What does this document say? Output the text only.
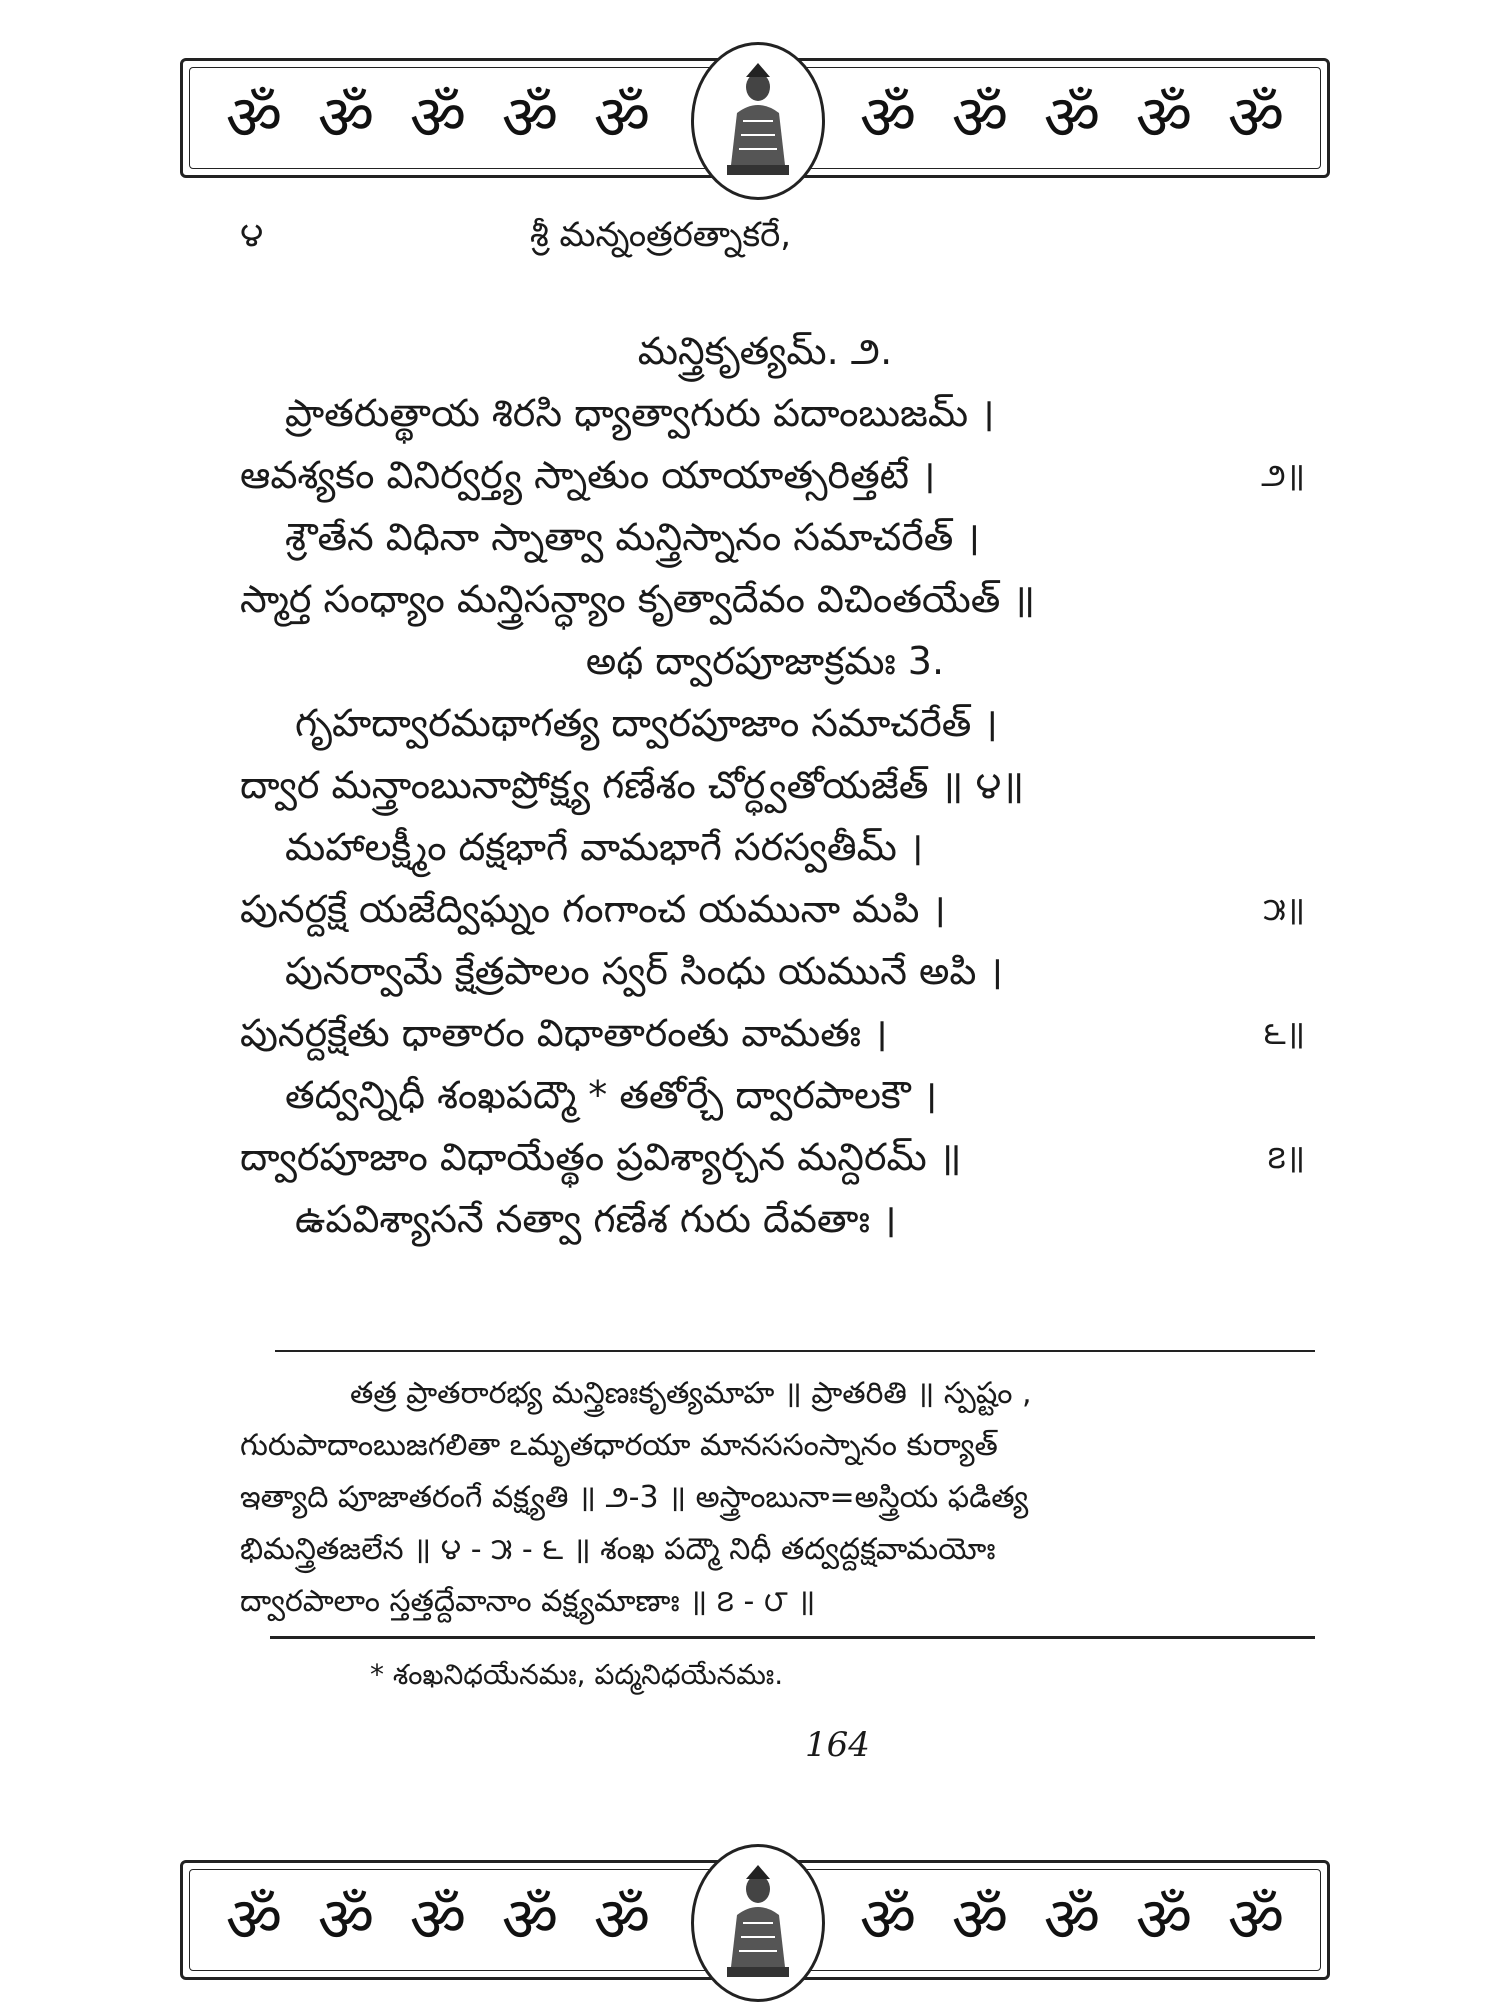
ॐ ॐ ॐ ॐ ॐ	ॐ ॐ ॐ ॐ ॐ
౪	శ్రీ మన్నంత్రరత్నాకరే,
మన్త్రికృత్యమ్. ౨.
ప్రాతరుత్థాయ శిరసి ధ్యాత్వాగురు పదాంబుజమ్ ।
ఆవశ్యకం వినిర్వర్త్య స్నాతుం యాయాత్సరిత్తటే ।	౨॥
శ్రౌతేన విధినా స్నాత్వా మన్త్రిస్నానం సమాచరేత్ ।
స్మార్త సంధ్యాం మన్త్రిసన్ధ్యాం కృత్వాదేవం విచింతయేత్ ॥
అథ ద్వారపూజాక్రమః 3.
గృహద్వారమథాగత్య ద్వారపూజాం సమాచరేత్ ।
ద్వార మన్త్రాంబునాప్రోక్ష్య గణేశం చోర్ధ్వతోయజేత్ ॥ ౪॥
మహాలక్ష్మీం దక్షభాగే వామభాగే సరస్వతీమ్ ।
పునర్దక్షే యజేద్విఘ్నం గంగాంచ యమునా మపి ।	౫॥
పునర్వామే క్షేత్రపాలం స్వర్ సింధు యమునే అపి ।
పునర్దక్షేతు ధాతారం విధాతారంతు వామతః ।	౬॥
తద్వన్నిధీ శంఖపద్మౌ * తతోర్చే ద్వారపాలకౌ ।
ద్వారపూజాం విధాయేత్థం ప్రవిశ్యార్చన మన్దిరమ్ ॥	౭॥
ఉపవిశ్యాసనే నత్వా గణేశ గురు దేవతాః ।
తత్ర ప్రాతరారభ్య మన్త్రిణఃకృత్యమాహ ॥ ప్రాతరితి ॥ స్పష్టం ,
గురుపాదాంబుజగలితా ఽమృతధారయా మానససంస్నానం కుర్యాత్
ఇత్యాది పూజాతరంగే వక్ష్యతి ॥ ౨-3 ॥ అస్త్రాంబునా=అస్త్రియ ఫడిత్య
భిమన్త్రితజలేన ॥ ౪ - ౫ - ౬ ॥ శంఖ పద్మౌ నిధీ తద్వద్దక్షవామయోః
ద్వారపాలాం స్తత్తద్దేవానాం వక్ష్యమాణాః ॥ ౭ - ౮ ॥
* శంఖనిధయేనమః, పద్మనిధయేనమః.
164
ॐ ॐ ॐ ॐ ॐ	ॐ ॐ ॐ ॐ ॐ
